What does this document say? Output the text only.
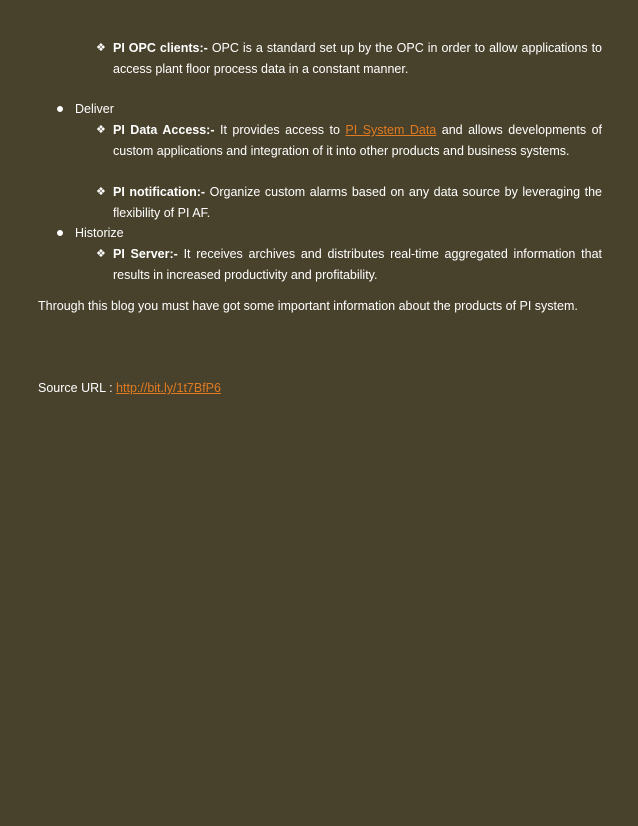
❖ PI OPC clients:- OPC is a standard set up by the OPC in order to allow applications to access plant floor process data in a constant manner.
Deliver
❖ PI Data Access:- It provides access to PI System Data and allows developments of custom applications and integration of it into other products and business systems.
❖ PI notification:- Organize custom alarms based on any data source by leveraging the flexibility of PI AF.
Historize
❖ PI Server:- It receives archives and distributes real-time aggregated information that results in increased productivity and profitability.
Through this blog you must have got some important information about the products of PI system.
Source URL : http://bit.ly/1t7BfP6
